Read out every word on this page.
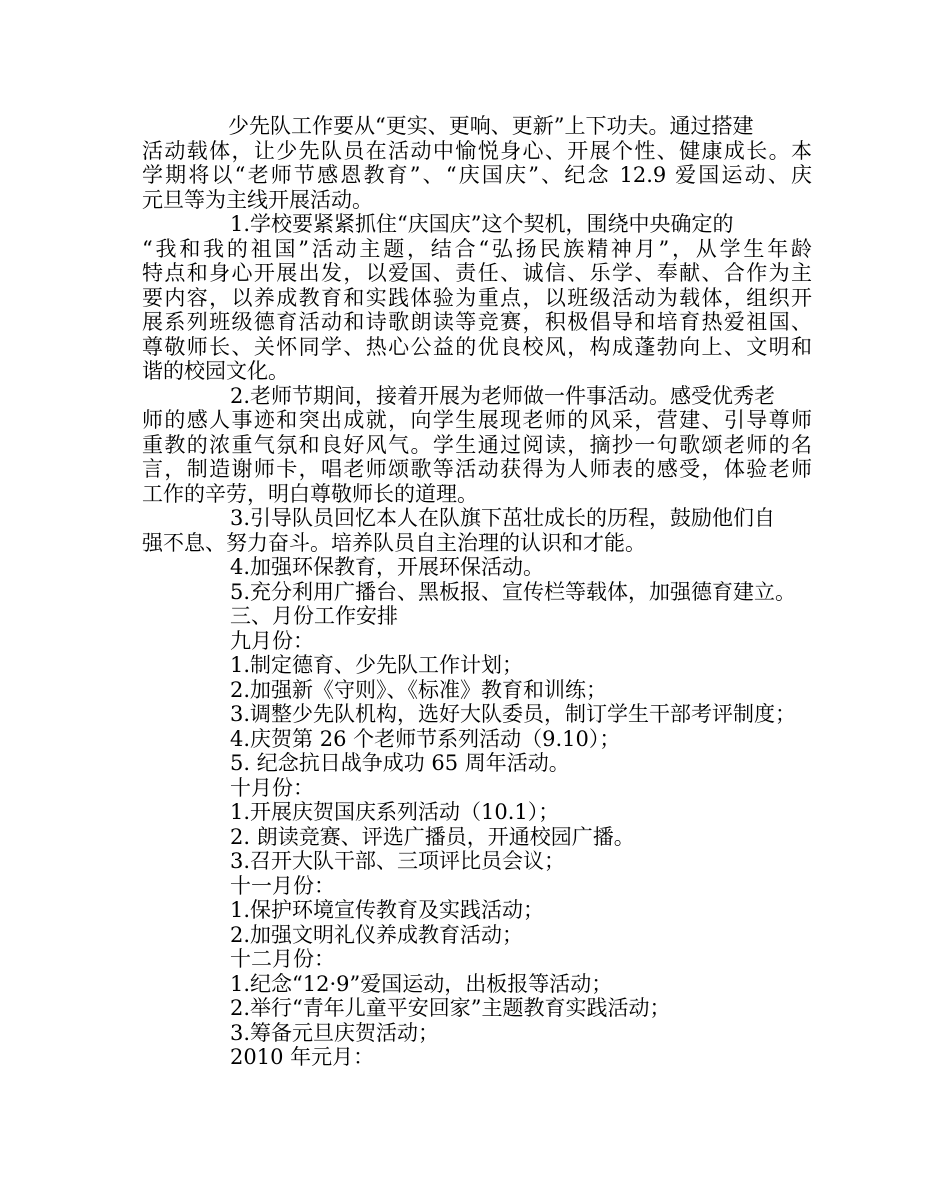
少先队工作要从“更实、更响、更新”上下功夫。通过搭建
活动载体，让少先队员在活动中愉悦身心、开展个性、健康成长。本
学期将以“老师节感恩教育”、“庆国庆”、纪念 12.9 爱国运动、庆
元旦等为主线开展活动。
1.学校要紧紧抓住“庆国庆”这个契机，围绕中央确定的
“我和我的祖国”活动主题，结合“弘扬民族精神月”，从学生年龄
特点和身心开展出发，以爱国、责任、诚信、乐学、奉献、合作为主
要内容，以养成教育和实践体验为重点，以班级活动为载体，组织开
展系列班级德育活动和诗歌朗读等竞赛，积极倡导和培育热爱祖国、
尊敬师长、关怀同学、热心公益的优良校风，构成蓬勃向上、文明和
谐的校园文化。
2.老师节期间，接着开展为老师做一件事活动。感受优秀老
师的感人事迹和突出成就，向学生展现老师的风采，营建、引导尊师
重教的浓重气氛和良好风气。学生通过阅读，摘抄一句歌颂老师的名
言，制造谢师卡，唱老师颂歌等活动获得为人师表的感受，体验老师
工作的辛劳，明白尊敬师长的道理。
3.引导队员回忆本人在队旗下茁壮成长的历程，鼓励他们自
强不息、努力奋斗。培养队员自主治理的认识和才能。
4.加强环保教育，开展环保活动。
5.充分利用广播台、黑板报、宣传栏等载体，加强德育建立。
三、月份工作安排
九月份：
1.制定德育、少先队工作计划；
2.加强新《守则》、《标准》教育和训练；
3.调整少先队机构，选好大队委员，制订学生干部考评制度；
4.庆贺第 26 个老师节系列活动（9.10）；
5. 纪念抗日战争成功 65 周年活动。
十月份：
1.开展庆贺国庆系列活动（10.1）；
2. 朗读竞赛、评选广播员，开通校园广播。
3.召开大队干部、三项评比员会议；
十一月份：
1.保护环境宣传教育及实践活动；
2.加强文明礼仪养成教育活动；
十二月份：
1.纪念“12·9”爱国运动，出板报等活动；
2.举行“青年儿童平安回家”主题教育实践活动；
3.筹备元旦庆贺活动；
2010 年元月：
